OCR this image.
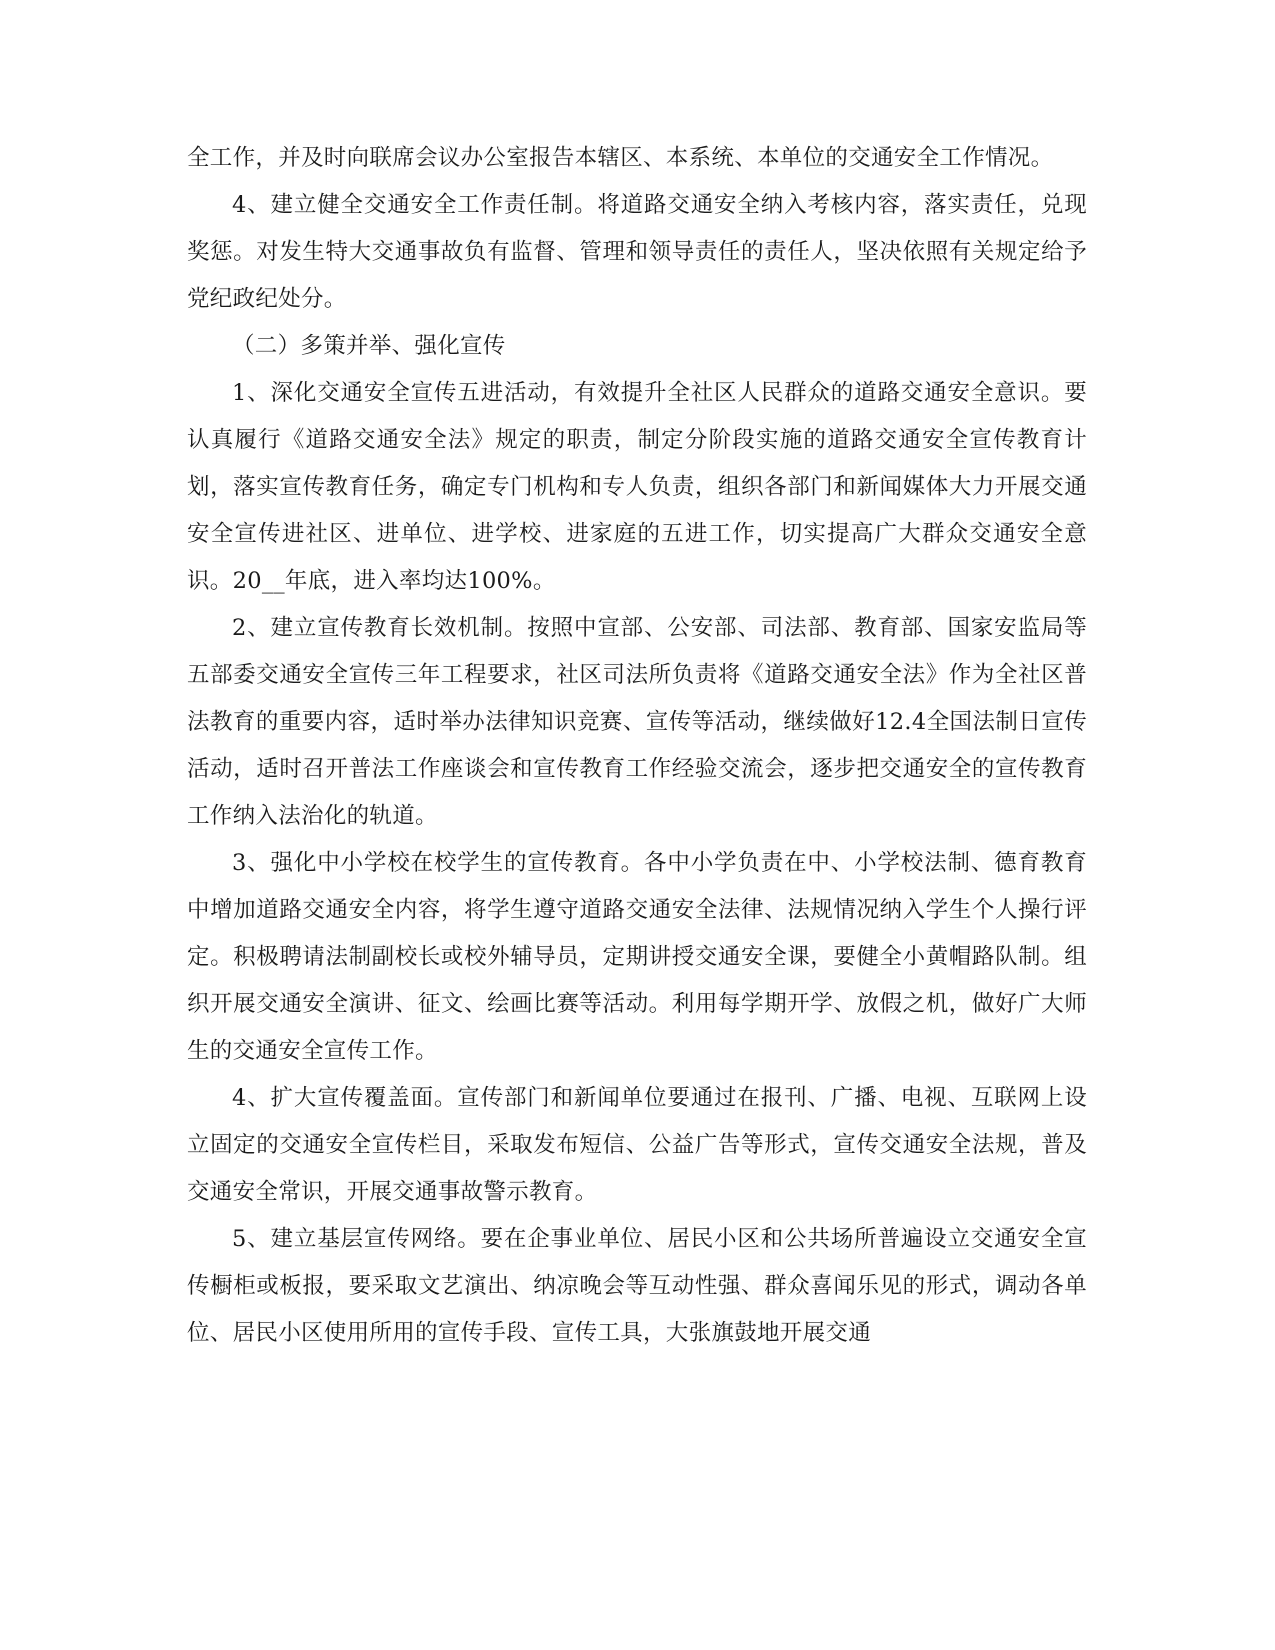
全工作，并及时向联席会议办公室报告本辖区、本系统、本单位的交通安全工作情况。

4、建立健全交通安全工作责任制。将道路交通安全纳入考核内容，落实责任，兑现奖惩。对发生特大交通事故负有监督、管理和领导责任的责任人，坚决依照有关规定给予党纪政纪处分。

（二）多策并举、强化宣传

1、深化交通安全宣传五进活动，有效提升全社区人民群众的道路交通安全意识。要认真履行《道路交通安全法》规定的职责，制定分阶段实施的道路交通安全宣传教育计划，落实宣传教育任务，确定专门机构和专人负责，组织各部门和新闻媒体大力开展交通安全宣传进社区、进单位、进学校、进家庭的五进工作，切实提高广大群众交通安全意识。20__年底，进入率均达100%。

2、建立宣传教育长效机制。按照中宣部、公安部、司法部、教育部、国家安监局等五部委交通安全宣传三年工程要求，社区司法所负责将《道路交通安全法》作为全社区普法教育的重要内容，适时举办法律知识竞赛、宣传等活动，继续做好12.4全国法制日宣传活动，适时召开普法工作座谈会和宣传教育工作经验交流会，逐步把交通安全的宣传教育工作纳入法治化的轨道。

3、强化中小学校在校学生的宣传教育。各中小学负责在中、小学校法制、德育教育中增加道路交通安全内容，将学生遵守道路交通安全法律、法规情况纳入学生个人操行评定。积极聘请法制副校长或校外辅导员，定期讲授交通安全课，要健全小黄帽路队制。组织开展交通安全演讲、征文、绘画比赛等活动。利用每学期开学、放假之机，做好广大师生的交通安全宣传工作。

4、扩大宣传覆盖面。宣传部门和新闻单位要通过在报刊、广播、电视、互联网上设立固定的交通安全宣传栏目，采取发布短信、公益广告等形式，宣传交通安全法规，普及交通安全常识，开展交通事故警示教育。

5、建立基层宣传网络。要在企事业单位、居民小区和公共场所普遍设立交通安全宣传橱柜或板报，要采取文艺演出、纳凉晚会等互动性强、群众喜闻乐见的形式，调动各单位、居民小区使用所用的宣传手段、宣传工具，大张旗鼓地开展交通
